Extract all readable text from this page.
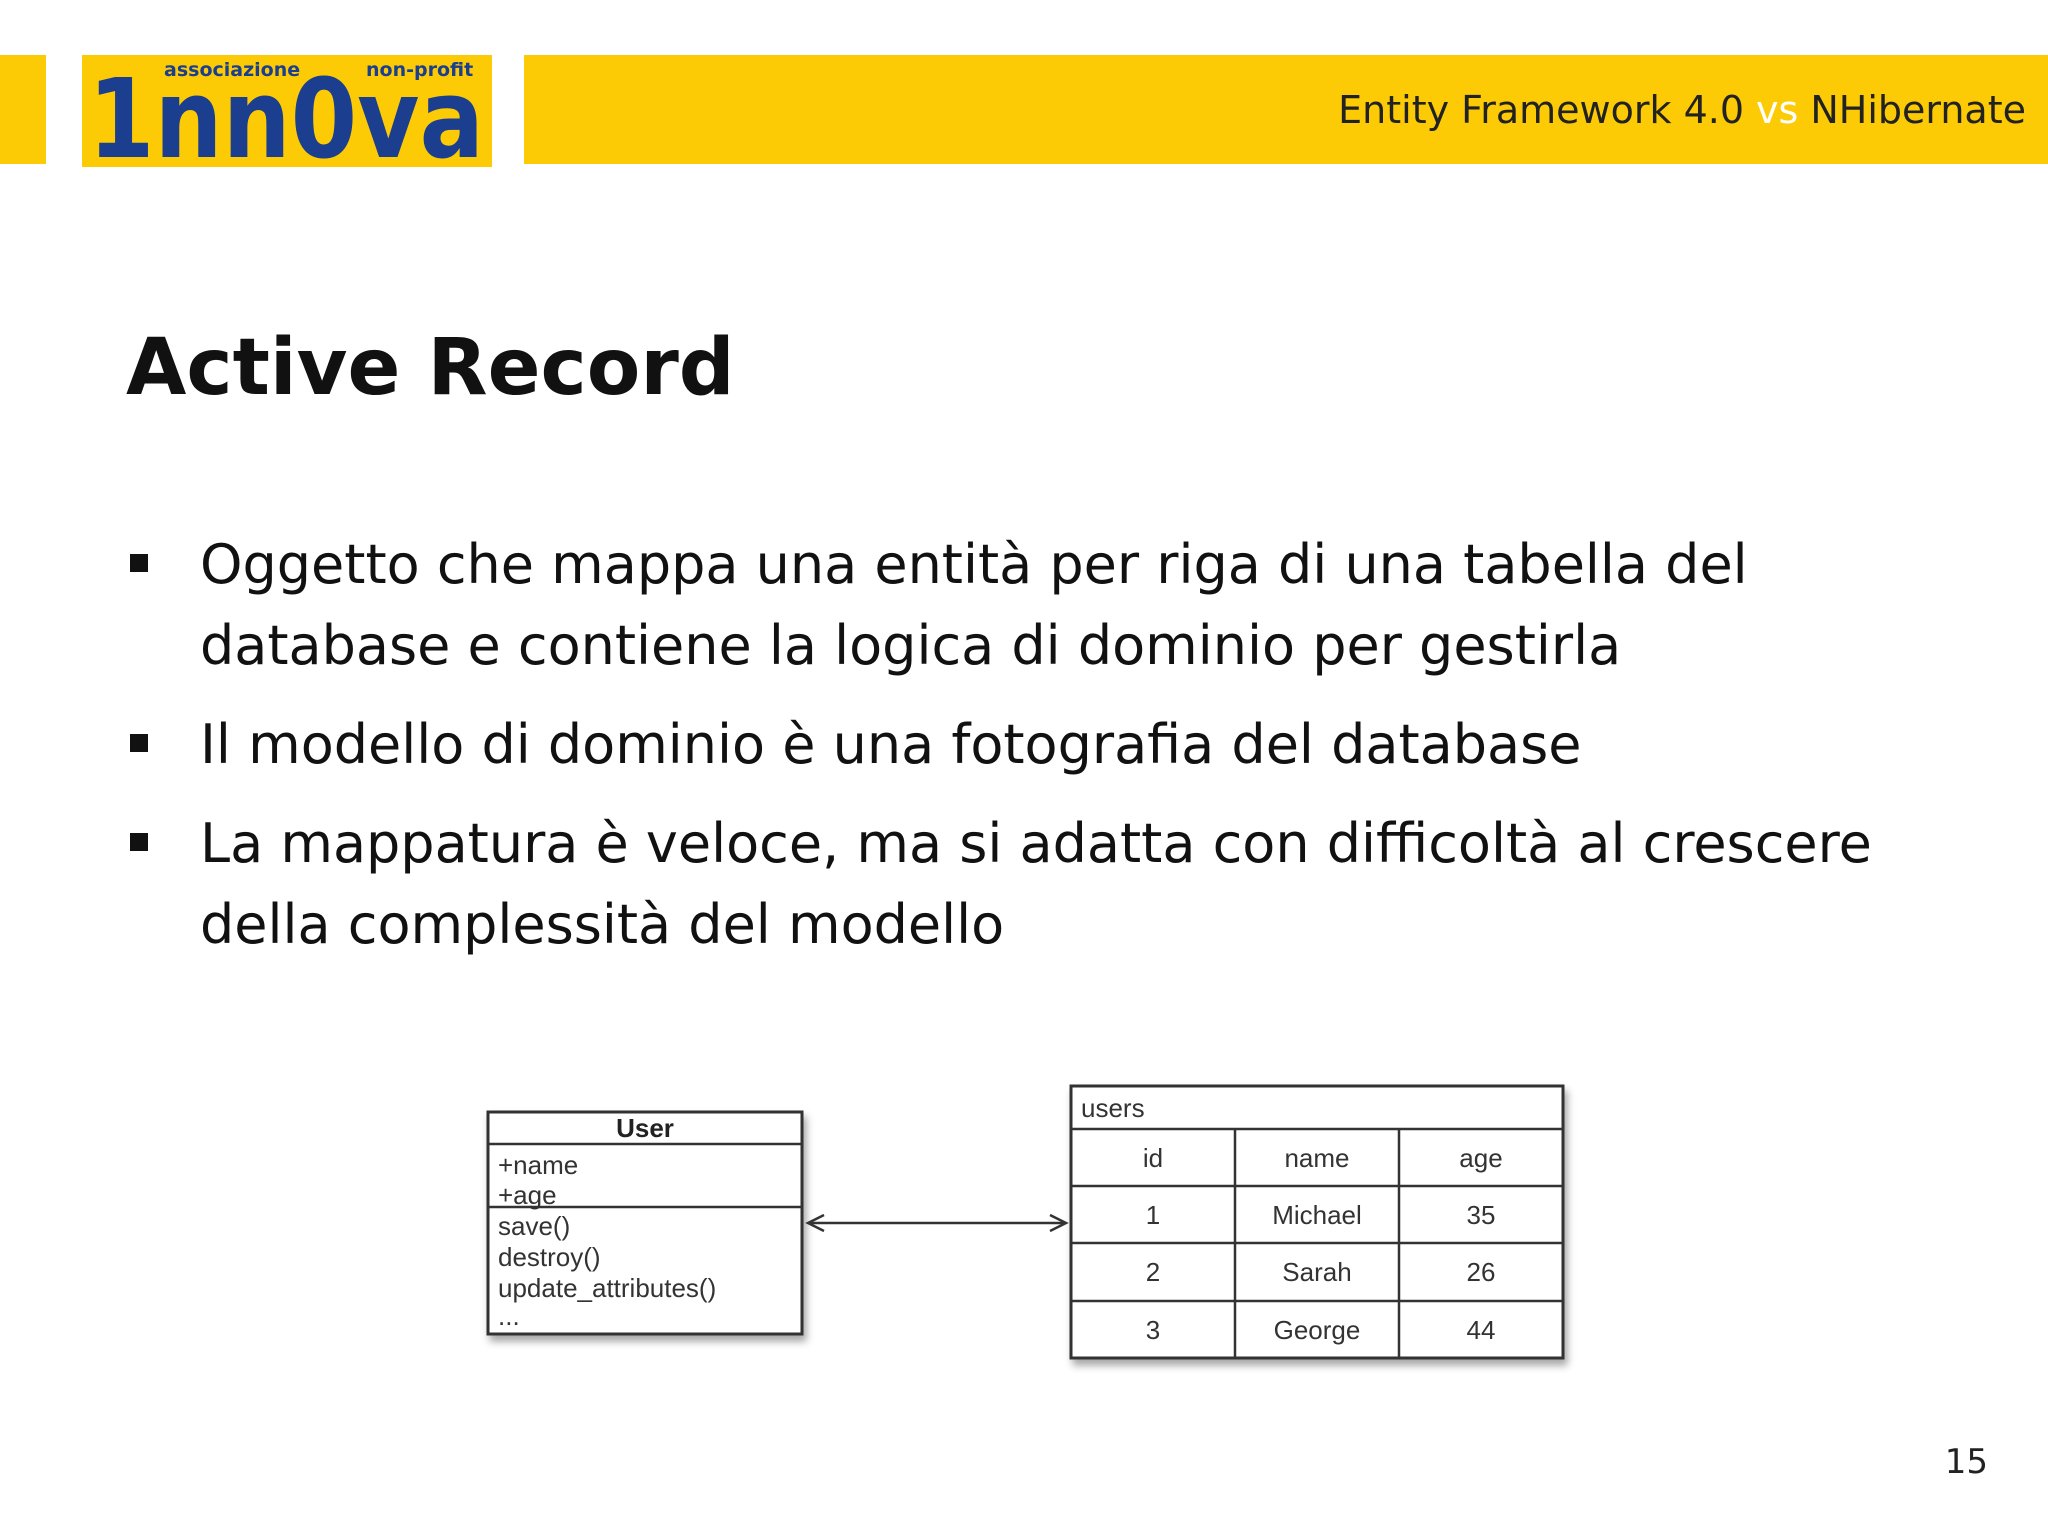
associazione	non-profit
1nn0va	Entity Framework 4.0 vs NHibernate
Active Record
Oggetto che mappa una entità per riga di una tabella del database e contiene la logica di dominio per gestirla
Il modello di dominio è una fotografia del database
La mappatura è veloce, ma si adatta con difficoltà al crescere della complessità del modello
User
+name
+age
save()
destroy()
update_attributes()
...
users
id	name	age
1	Michael	35
2	Sarah	26
3	George	44
15
